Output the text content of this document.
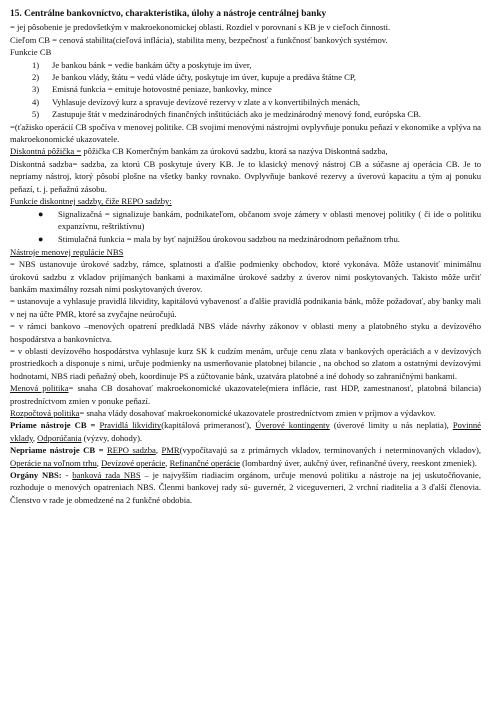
15. Centrálne bankovníctvo, charakteristika, úlohy a nástroje centrálnej banky

= jej pôsobenie je predovšetkým v makroekonomickej oblasti. Rozdiel v porovnaní s KB je v cieľoch činnosti.

Cieľom CB = cenová stabilita(cieľová inflácia), stabilita meny, bezpečnosť a funkčnosť bankových systémov.

Funkcie CB

1) Je bankou bánk = vedie bankám účty a poskytuje im úver,
2) Je bankou vlády, štátu = vedú vláde účty, poskytuje im úver, kupuje a predáva štátne CP,
3) Emisná funkcia = emituje hotovostné peniaze, bankovky, mince
4) Vyhlasuje devízový kurz a spravuje devízové rezervy v zlate a v konvertibilných menách,
5) Zastupuje štát v medzinárodných finančných inštitúciách ako je medzinárodný menový fond, európska CB.

=(ťažisko operácií CB spočíva v menovej politike. CB svojimi menovými nástrojmi ovplyvňuje ponuku peňazí v ekonomike a vplýva na makroekonomické ukazovatele.

Diskontná pôžička = pôžička CB Komerčným bankám za úrokovú sadzbu, ktorá sa nazýva Diskontná sadzba,

Diskontná sadzba= sadzba, za ktorú CB poskytuje úvery KB. Je to klasický menový nástroj CB a súčasne aj operácia CB. Je to nepriamy nástroj, ktorý pôsobí plošne na všetky banky rovnako. Ovplyvňuje bankové rezervy a úverovú kapacitu a tým aj ponuku peňazí, t. j. peňažnú zásobu.

Funkcie diskontnej sadzby, čiže REPO sadzby:

● Signalizačná = signalizuje bankám, podnikateľom, občanom svoje zámery v oblasti menovej politiky ( či ide o politiku expanzívnu, reštriktívnu)
● Stimulačná funkcia = mala by byť najnižšou úrokovou sadzbou na medzinárodnom peňažnom trhu.

Nástroje menovej regulácie NBS

= NBS ustanovuje úrokové sadzby, rámce, splatnosti a ďalšie podmienky obchodov, ktoré vykonáva. Môže ustanoviť minimálnu úrokovú sadzbu z vkladov prijímaných bankami a maximálne úrokové sadzby z úverov nimi poskytovaných. Takisto môže určiť bankám maximálny rozsah nimi poskytovaných úverov.

= ustanovuje a vyhlasuje pravidlá likvidity, kapitálovú vybavenosť a ďalšie pravidlá podnikania bánk, môže požadovať, aby banky mali v nej na účte PMR, ktoré sa zvyčajne neúročujú.

= v rámci bankovo –menových opatrení predkladá NBS vláde návrhy zákonov v oblasti meny a platobného styku a devízového hospodárstva a bankovníctva.

= v oblasti devízového hospodárstva vyhlasuje kurz SK k cudzím menám, určuje cenu zlata v bankových operáciách a v devízových prostriedkoch a disponuje s nimi, určuje podmienky na usmerňovanie platobnej bilancie , na obchod so zlatom a ostatnými devízovými hodnotami, NBS riadi peňažný obeh, koordinuje PS a zúčtovanie bánk, uzatvára platobné a iné dohody so zahraničnými bankami.

Menová politika= snaha CB dosahovať makroekonomické ukazovatele(miera inflácie, rast HDP, zamestnanosť, platobná bilancia) prostredníctvom zmien v ponuke peňazí.

Rozpočtová politika= snaha vlády dosahovať makroekonomické ukazovatele prostredníctvom zmien v príjmov a výdavkov.

Priame nástroje CB = Pravidlá likvidity(kapitálová primeranosť), Úverové kontingenty (úverové limity u nás neplatia), Povinné vklady, Odporúčania (výzvy, dohody).

Nepriame nástroje CB = REPO sadzba, PMR(vypočítavajú sa z primárnych vkladov, terminovaných i neterminovaných vkladov), Operácie na voľnom trhu, Devízové operácie, Refinančné operácie (lombardný úver, aukčný úver, refinančné úvery, reeskont zmeniek).

Orgány NBS: - banková rada NBS – je najvyšším riadiacim orgánom, určuje menovú politiku a nástroje na jej uskutočňovanie, rozhoduje o menových opatreniach NBS. Členmi bankovej rady sú- guvernér, 2 viceguverneri, 2 vrchní riaditelia a 3 ďalší členovia. Členstvo v rade je obmedzené na 2 funkčné obdobia.
